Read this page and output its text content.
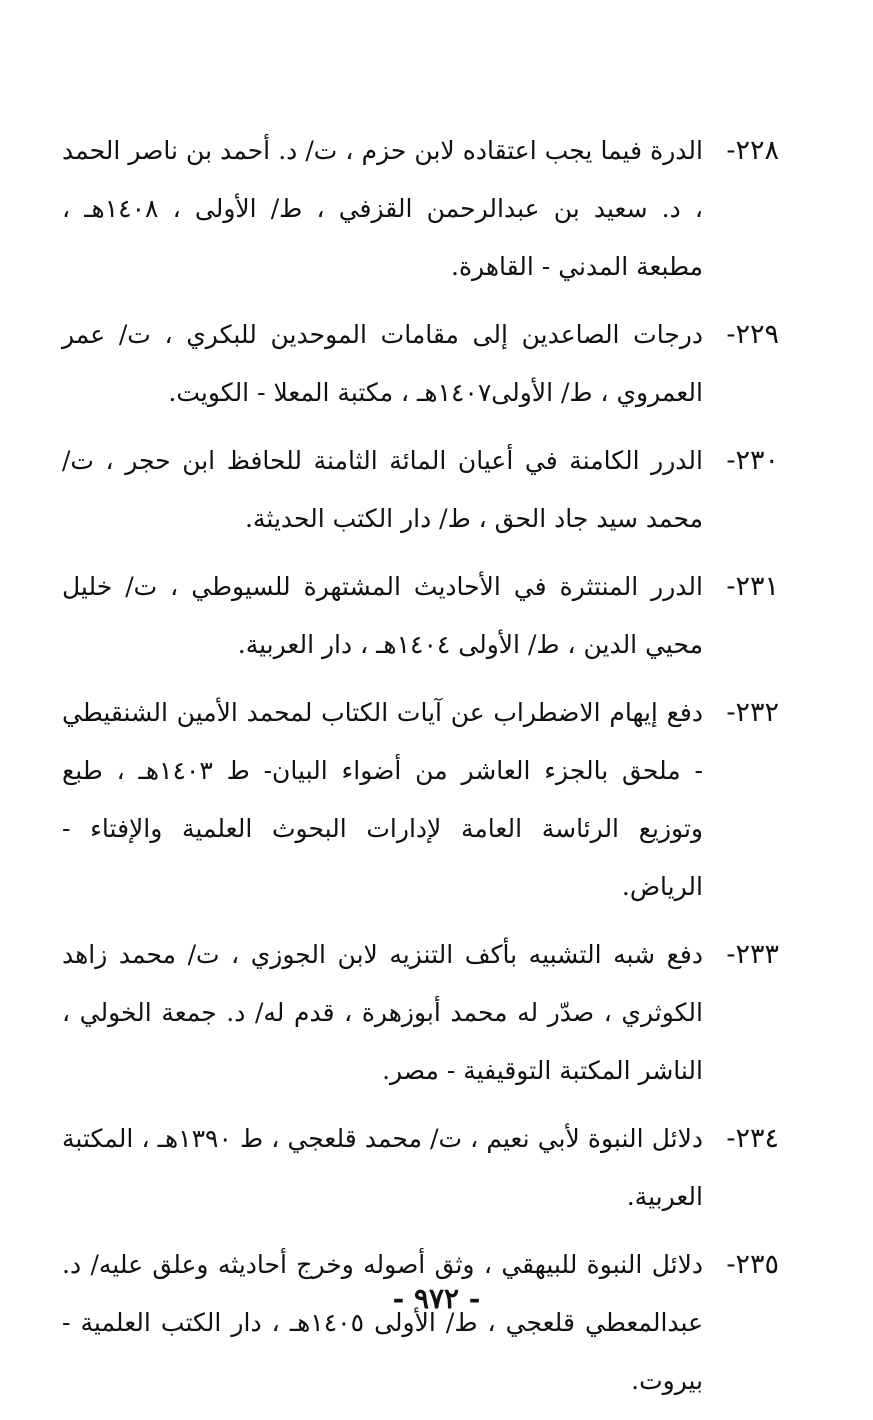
٢٢٨-
الدرة فيما يجب اعتقاده لابن حزم ، ت/ د. أحمد بن ناصر الحمد ، د. سعيد بن عبدالرحمن القزفي ، ط/ الأولى ، ١٤٠٨هـ ، مطبعة المدني - القاهرة.
٢٢٩-
درجات الصاعدين إلى مقامات الموحدين للبكري ، ت/ عمر العمروي ، ط/ الأولى١٤٠٧هـ ، مكتبة المعلا - الكويت.
٢٣٠-
الدرر الكامنة في أعيان المائة الثامنة للحافظ ابن حجر ، ت/ محمد سيد جاد الحق ، ط/ دار الكتب الحديثة.
٢٣١-
الدرر المنتثرة في الأحاديث المشتهرة للسيوطي ، ت/ خليل محيي الدين ، ط/ الأولى ١٤٠٤هـ ، دار العربية.
٢٣٢-
دفع إيهام الاضطراب عن آيات الكتاب لمحمد الأمين الشنقيطي - ملحق بالجزء العاشر من أضواء البيان- ط ١٤٠٣هـ ، طبع وتوزيع الرئاسة العامة لإدارات البحوث العلمية والإفتاء - الرياض.
٢٣٣-
دفع شبه التشبيه بأكف التنزيه لابن الجوزي ، ت/ محمد زاهد الكوثري ، صدّر له محمد أبوزهرة ، قدم له/ د. جمعة الخولي ، الناشر المكتبة التوقيفية - مصر.
٢٣٤-
دلائل النبوة لأبي نعيم ، ت/ محمد قلعجي ، ط ١٣٩٠هـ ، المكتبة العربية.
٢٣٥-
دلائل النبوة للبيهقي ، وثق أصوله وخرج أحاديثه وعلق عليه/ د. عبدالمعطي قلعجي ، ط/ الأولى ١٤٠٥هـ ، دار الكتب العلمية - بيروت.
- ٩٧٢ -
